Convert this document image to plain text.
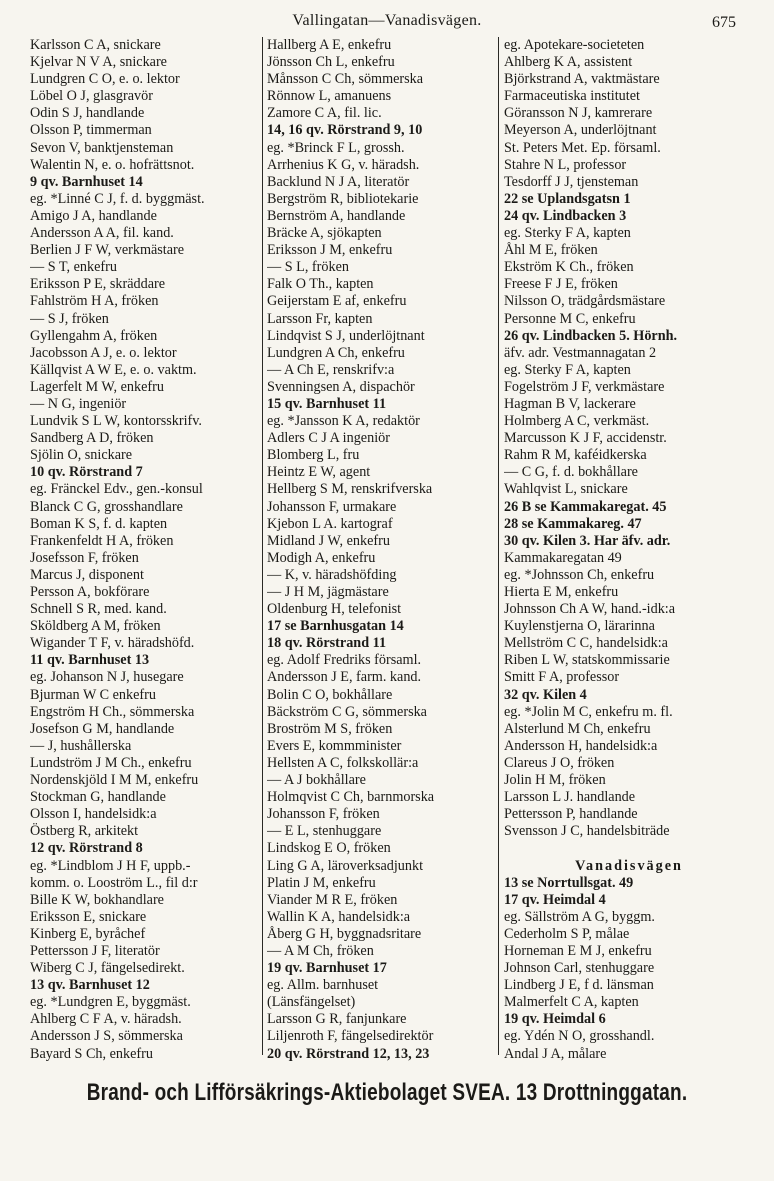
Vallingatan—Vanadisvägen.	675
Karlsson C A, snickare
Kjelvar N V A, snickare
Lundgren C O, e. o. lektor
Löbel O J, glasgravör
Odin S J, handlande
Olsson P, timmerman
Sevon V, banktjensteman
Walentin N, e. o. hofrättsnot.
9 qv. Barnhuset 14
eg. *Linné C J, f. d. byggmäst.
Amigo J A, handlande
Andersson A A, fil. kand.
Berlien J F W, verkmästare
— S T, enkefru
Eriksson P E, skräddare
Fahlström H A, fröken
— S J, fröken
Gyllengahm A, fröken
Jacobsson A J, e. o. lektor
Källqvist A W E, e. o. vaktm.
Lagerfelt M W, enkefru
— N G, ingeniör
Lundvik S L W, kontorsskrifv.
Sandberg A D, fröken
Sjölin O, snickare
10 qv. Rörstrand 7
eg. Fränckel Edv., gen.-konsul
Blanck C G, grosshandlare
Boman K S, f. d. kapten
Frankenfeldt H A, fröken
Josefsson F, fröken
Marcus J, disponent
Persson A, bokförare
Schnell S R, med. kand.
Sköldberg A M, fröken
Wigander T F, v. häradshöfd.
11 qv. Barnhuset 13
eg. Johanson N J, husegare
Bjurman W C enkefru
Engström H Ch., sömmerska
Josefson G M, handlande
— J, hushållerska
Lundström J M Ch., enkefru
Nordenskjöld I M M, enkefru
Stockman G, handlande
Olsson I, handelsidk:a
Östberg R, arkitekt
12 qv. Rörstrand 8
eg. *Lindblom J H F, uppb.-
komm. o. Looström L., fil d:r
Bille K W, bokhandlare
Eriksson E, snickare
Kinberg E, byråchef
Pettersson J F, literatör
Wiberg C J, fängelsedirekt.
13 qv. Barnhuset 12
eg. *Lundgren E, byggmäst.
Ahlberg C F A, v. häradsh.
Andersson J S, sömmerska
Bayard S Ch, enkefru
Hallberg A E, enkefru
Jönsson Ch L, enkefru
Månsson C Ch, sömmerska
Rönnow L, amanuens
Zamore C A, fil. lic.
14, 16 qv. Rörstrand 9, 10
eg. *Brinck F L, grossh.
Arrhenius K G, v. häradsh.
Backlund N J A, literatör
Bergström R, bibliotekarie
Bernström A, handlande
Bräcke A, sjökapten
Eriksson J M, enkefru
— S L, fröken
Falk O Th., kapten
Geijerstam E af, enkefru
Larsson Fr, kapten
Lindqvist S J, underlöjtnant
Lundgren A Ch, enkefru
— A Ch E, renskrifv:a
Svenningsen A, dispachör
15 qv. Barnhuset 11
eg. *Jansson K A, redaktör
Adlers C J A ingeniör
Blomberg L, fru
Heintz E W, agent
Hellberg S M, renskrifverska
Johansson F, urmakare
Kjebon L A. kartograf
Midland J W, enkefru
Modigh A, enkefru
— K, v. häradshöfding
— J H M, jägmästare
Oldenburg H, telefonist
17 se Barnhusgatan 14
18 qv. Rörstrand 11
eg. Adolf Fredriks församl.
Andersson J E, farm. kand.
Bolin C O, bokhållare
Bäckström C G, sömmerska
Broström M S, fröken
Evers E, kommminister
Hellsten A C, folkskollär:a
— A J bokhållare
Holmqvist C Ch, barnmorska
Johansson F, fröken
— E L, stenhuggare
Lindskog E O, fröken
Ling G A, läroverksadjunkt
Platin J M, enkefru
Viander M R E, fröken
Wallin K A, handelsidk:a
Åberg G H, byggnadsritare
— A M Ch, fröken
19 qv. Barnhuset 17
eg. Allm. barnhuset
(Länsfängelset)
Larsson G R, fanjunkare
Liljenroth F, fängelsedirektör
20 qv. Rörstrand 12, 13, 23
eg. Apotekare-societeten
Ahlberg K A, assistent
Björkstrand A, vaktmästare
Farmaceutiska institutet
Göransson N J, kamrerare
Meyerson A, underlöjtnant
St. Peters Met. Ep. församl.
Stahre N L, professor
Tesdorff J J, tjensteman
22 se Uplandsgatsn 1
24 qv. Lindbacken 3
eg. Sterky F A, kapten
Åhl M E, fröken
Ekström K Ch., fröken
Freese F J E, fröken
Nilsson O, trädgårdsmästare
Personne M C, enkefru
26 qv. Lindbacken 5. Hörnh.
äfv. adr. Vestmannagatan 2
eg. Sterky F A, kapten
Fogelström J F, verkmästare
Hagman B V, lackerare
Holmberg A C, verkmäst.
Marcusson K J F, accidenstr.
Rahm R M, kaféidkerska
— C G, f. d. bokhållare
Wahlqvist L, snickare
26 B se Kammakaregat. 45
28 se Kammakareg. 47
30 qv. Kilen 3. Har äfv. adr.
Kammakaregatan 49
eg. *Johnsson Ch, enkefru
Hierta E M, enkefru
Johnsson Ch A W, hand.-idk:a
Kuylenstjerna O, lärarinna
Mellström C C, handelsidk:a
Riben L W, statskommissarie
Smitt F A, professor
32 qv. Kilen 4
eg. *Jolin M C, enkefru m. fl.
Alsterlund M Ch, enkefru
Andersson H, handelsidk:a
Clareus J O, fröken
Jolin H M, fröken
Larsson L J. handlande
Pettersson P, handlande
Svensson J C, handelsbiträde
Vanadisvägen
13 se Norrtullsgat. 49
17 qv. Heimdal 4
eg. Sällström A G, byggm.
Cederholm S P, målae
Horneman E M J, enkefru
Johnson Carl, stenhuggare
Lindberg J E, f d. länsman
Malmerfelt C A, kapten
19 qv. Heimdal 6
eg. Ydén N O, grosshandl.
Andal J A, målare
Brand- och Lifförsäkrings-Aktiebolaget SVEA. 13 Drottninggatan.
